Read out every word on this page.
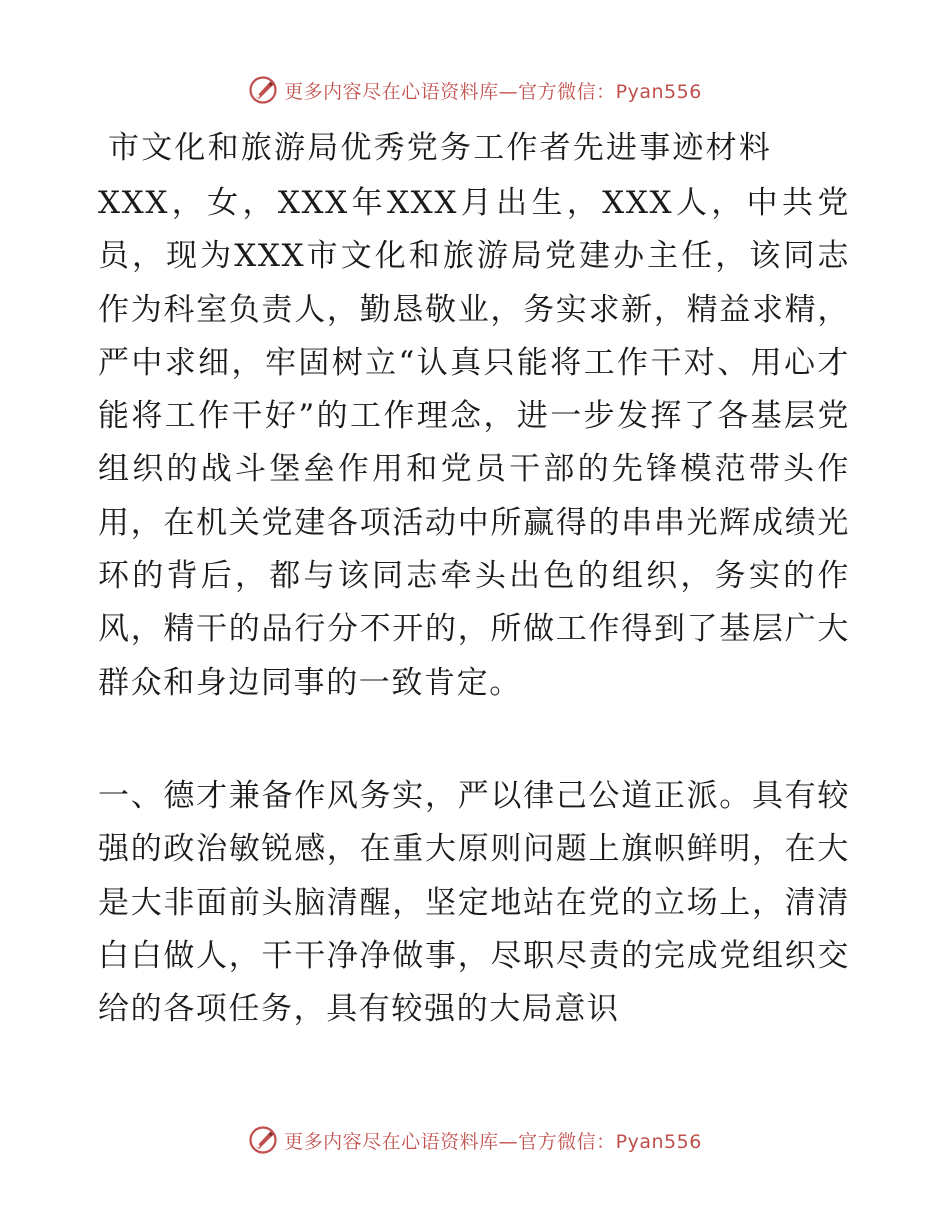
更多内容尽在心语资料库—官方微信：Pyan556
市文化和旅游局优秀党务工作者先进事迹材料

XXX，女，XXX年XXX月出生，XXX人，中共党员，现为XXX市文化和旅游局党建办主任，该同志作为科室负责人，勤恳敬业，务实求新，精益求精，严中求细，牢固树立“认真只能将工作干对、用心才能将工作干好”的工作理念，进一步发挥了各基层党组织的战斗堡垒作用和党员干部的先锋模范带头作用，在机关党建各项活动中所赢得的串串光辉成绩光环的背后，都与该同志牵头出色的组织，务实的作风，精干的品行分不开的，所做工作得到了基层广大群众和身边同事的一致肯定。

一、德才兼备作风务实，严以律己公道正派。具有较强的政治敏锐感，在重大原则问题上旗帜鲜明，在大是大非面前头脑清醒，坚定地站在党的立场上，清清白白做人，干干净净做事，尽职尽责的完成党组织交给的各项任务，具有较强的大局意识

更多内容尽在心语资料库—官方微信：Pyan556
